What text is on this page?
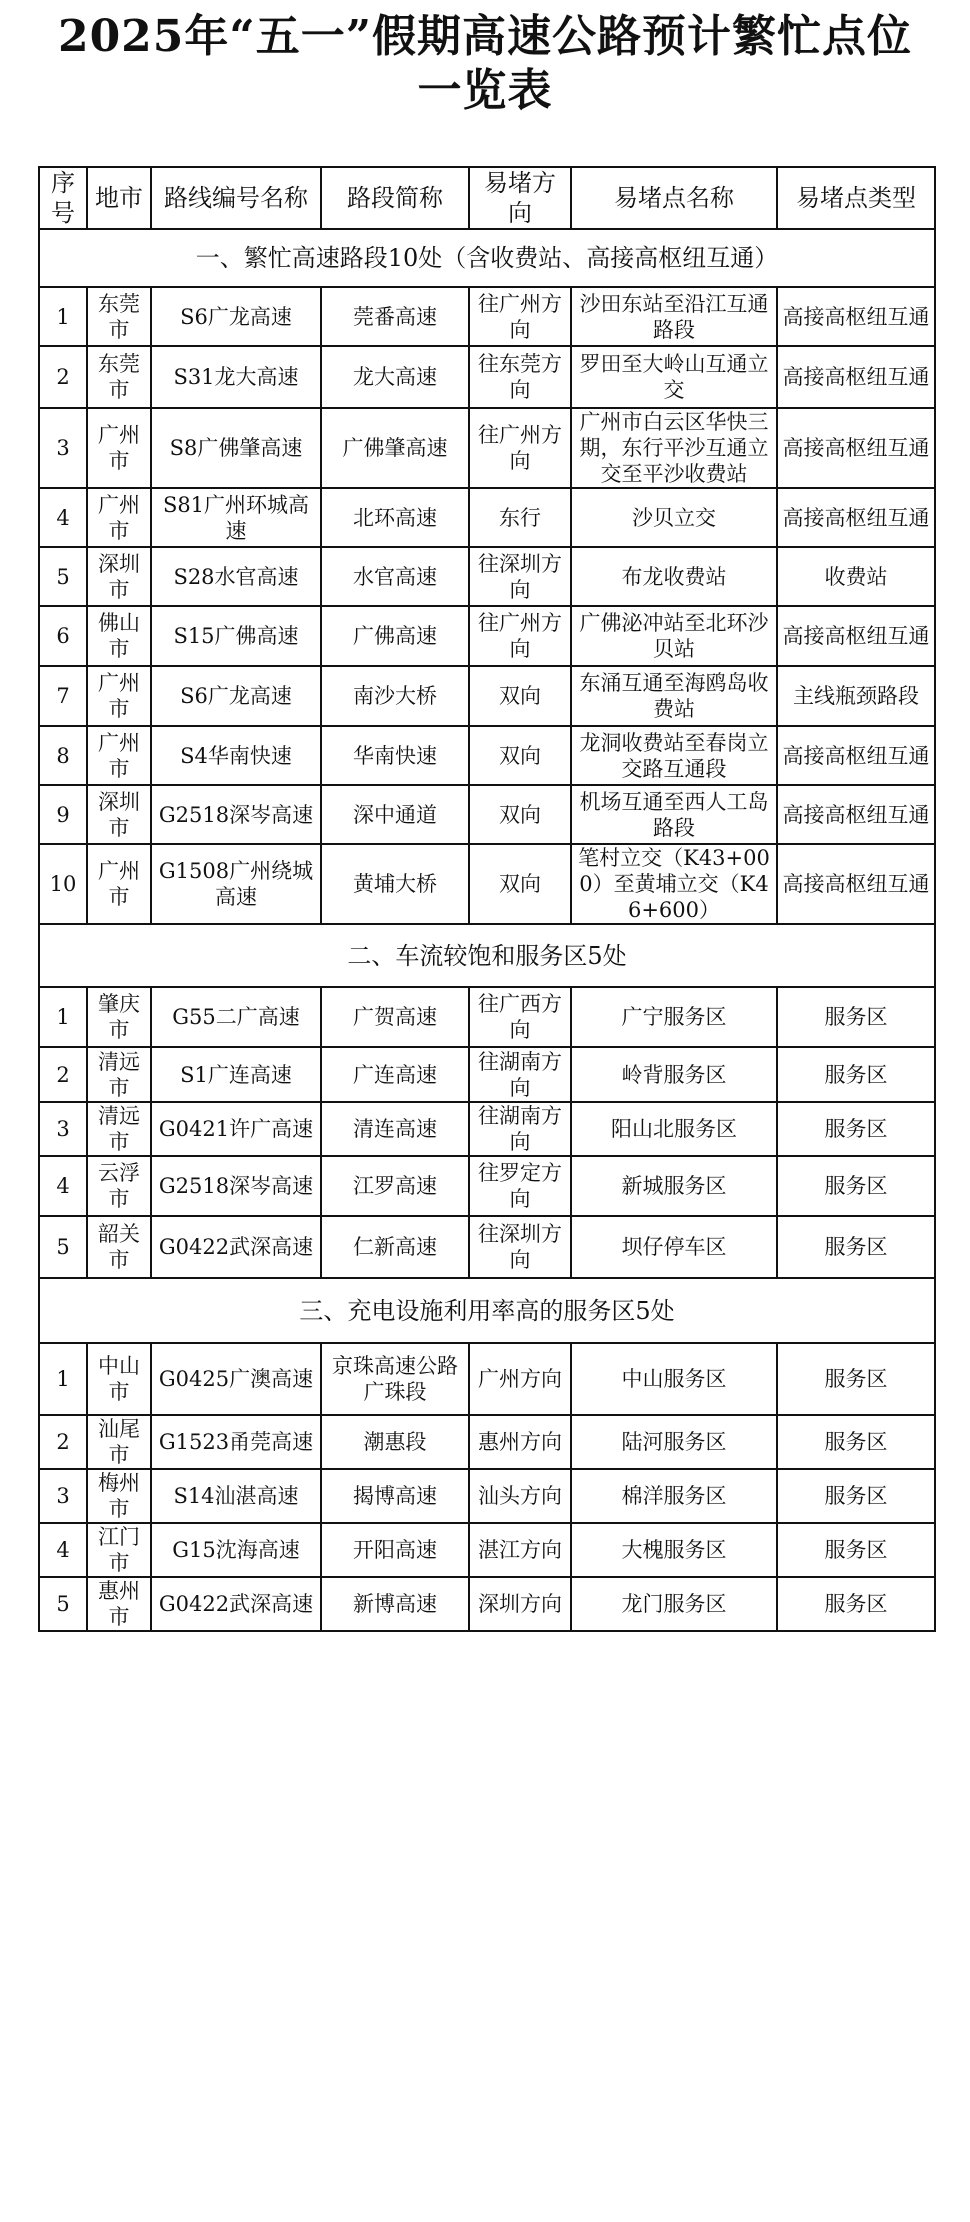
2025年“五一”假期高速公路预计繁忙点位
一览表
序号	地市	路线编号名称	路段简称	易堵方向	易堵点名称	易堵点类型
一、繁忙高速路段10处（含收费站、高接高枢纽互通）						
1	东莞市	S6广龙高速	莞番高速	往广州方向	沙田东站至沿江互通路段	高接高枢纽互通
2	东莞市	S31龙大高速	龙大高速	往东莞方向	罗田至大岭山互通立交	高接高枢纽互通
3	广州市	S8广佛肇高速	广佛肇高速	往广州方向	广州市白云区华快三期，东行平沙互通立交至平沙收费站	高接高枢纽互通
4	广州市	S81广州环城高速	北环高速	东行	沙贝立交	高接高枢纽互通
5	深圳市	S28水官高速	水官高速	往深圳方向	布龙收费站	收费站
6	佛山市	S15广佛高速	广佛高速	往广州方向	广佛泌冲站至北环沙贝站	高接高枢纽互通
7	广州市	S6广龙高速	南沙大桥	双向	东涌互通至海鸥岛收费站	主线瓶颈路段
8	广州市	S4华南快速	华南快速	双向	龙洞收费站至春岗立交路互通段	高接高枢纽互通
9	深圳市	G2518深岑高速	深中通道	双向	机场互通至西人工岛路段	高接高枢纽互通
10	广州市	G1508广州绕城高速	黄埔大桥	双向	笔村立交（K43+000）至黄埔立交（K46+600）	高接高枢纽互通
二、车流较饱和服务区5处						
1	肇庆市	G55二广高速	广贺高速	往广西方向	广宁服务区	服务区
2	清远市	S1广连高速	广连高速	往湖南方向	岭背服务区	服务区
3	清远市	G0421许广高速	清连高速	往湖南方向	阳山北服务区	服务区
4	云浮市	G2518深岑高速	江罗高速	往罗定方向	新城服务区	服务区
5	韶关市	G0422武深高速	仁新高速	往深圳方向	坝仔停车区	服务区
三、充电设施利用率高的服务区5处						
1	中山市	G0425广澳高速	京珠高速公路广珠段	广州方向	中山服务区	服务区
2	汕尾市	G1523甬莞高速	潮惠段	惠州方向	陆河服务区	服务区
3	梅州市	S14汕湛高速	揭博高速	汕头方向	棉洋服务区	服务区
4	江门市	G15沈海高速	开阳高速	湛江方向	大槐服务区	服务区
5	惠州市	G0422武深高速	新博高速	深圳方向	龙门服务区	服务区
